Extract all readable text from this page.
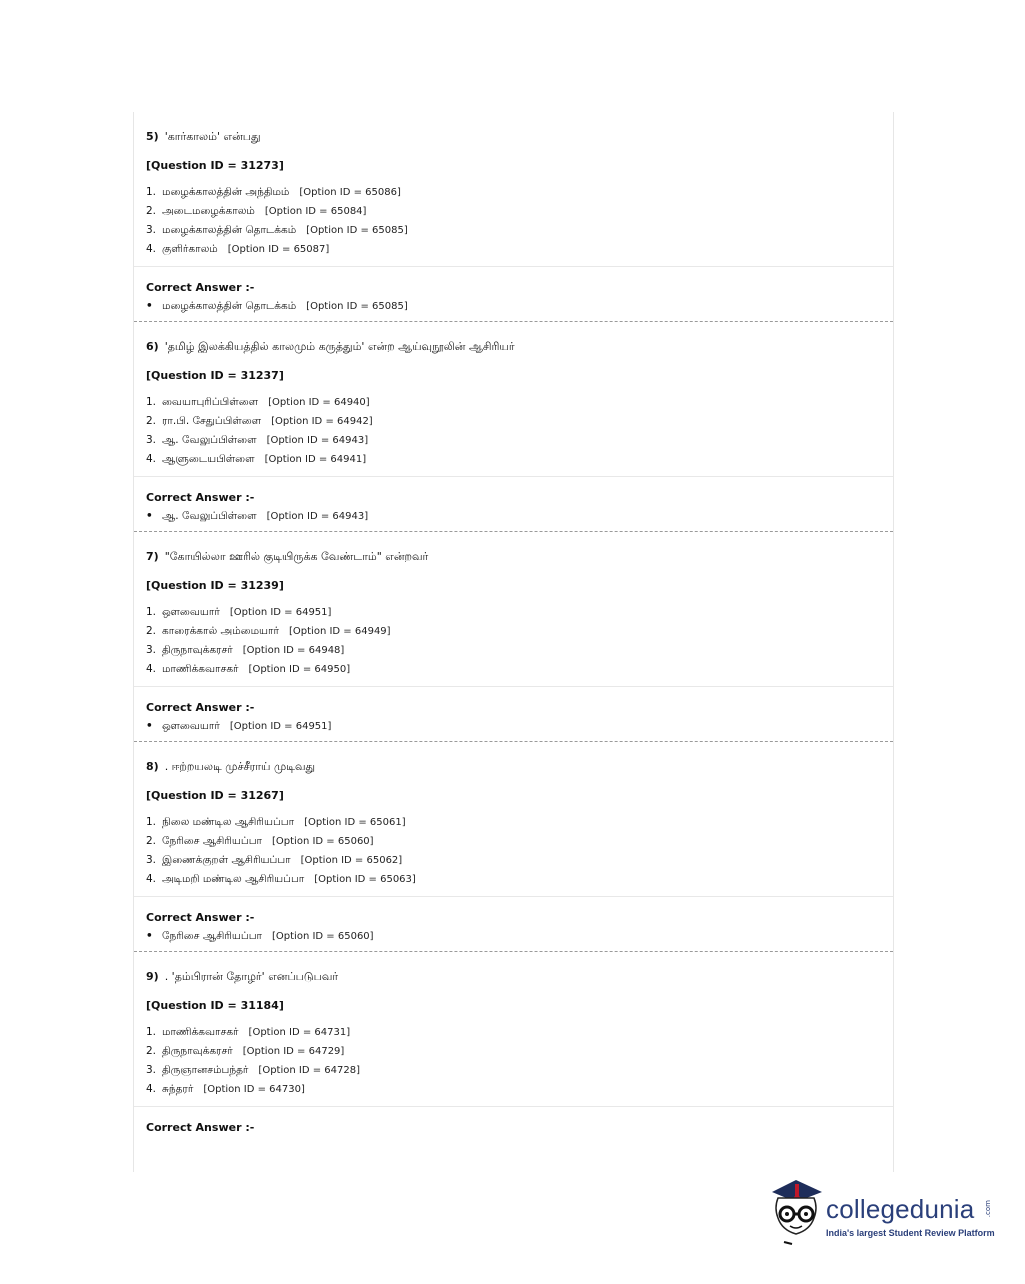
5) 'கார்காலம்' என்பது

[Question ID = 31273]

1. மழைக்காலத்தின் அந்திமம் [Option ID = 65086]
2. அடைமழைக்காலம் [Option ID = 65084]
3. மழைக்காலத்தின் தொடக்கம் [Option ID = 65085]
4. குளிர்காலம் [Option ID = 65087]

Correct Answer :-

• மழைக்காலத்தின் தொடக்கம் [Option ID = 65085]

6) 'தமிழ் இலக்கியத்தில் காலமும் கருத்தும்' என்ற ஆய்வுநூலின் ஆசிரியர்

[Question ID = 31237]

1. வையாபுரிப்பிள்ளை [Option ID = 64940]
2. ரா.பி. சேதுப்பிள்ளை [Option ID = 64942]
3. ஆ. வேலுப்பிள்ளை [Option ID = 64943]
4. ஆளுடையபிள்ளை [Option ID = 64941]

Correct Answer :-

• ஆ. வேலுப்பிள்ளை [Option ID = 64943]

7) "கோயில்லா ஊரில் குடியிருக்க வேண்டாம்" என்றவர்

[Question ID = 31239]

1. ஔவையார் [Option ID = 64951]
2. காரைக்கால் அம்மையார் [Option ID = 64949]
3. திருநாவுக்கரசர் [Option ID = 64948]
4. மாணிக்கவாசகர் [Option ID = 64950]

Correct Answer :-

• ஔவையார் [Option ID = 64951]

8) . ஈற்றயலடி முச்சீராய் முடிவது

[Question ID = 31267]

1. நிலை மண்டில ஆசிரியப்பா [Option ID = 65061]
2. நேரிசை ஆசிரியப்பா [Option ID = 65060]
3. இணைக்குறள் ஆசிரியப்பா [Option ID = 65062]
4. அடிமறி மண்டில ஆசிரியப்பா [Option ID = 65063]

Correct Answer :-

• நேரிசை ஆசிரியப்பா [Option ID = 65060]

9) . 'தம்பிரான் தோழர்' எனப்படுபவர்

[Question ID = 31184]

1. மாணிக்கவாசகர் [Option ID = 64731]
2. திருநாவுக்கரசர் [Option ID = 64729]
3. திருஞானசம்பந்தர் [Option ID = 64728]
4. சுந்தரர் [Option ID = 64730]

Correct Answer :-

collegedunia .com
India's largest Student Review Platform
